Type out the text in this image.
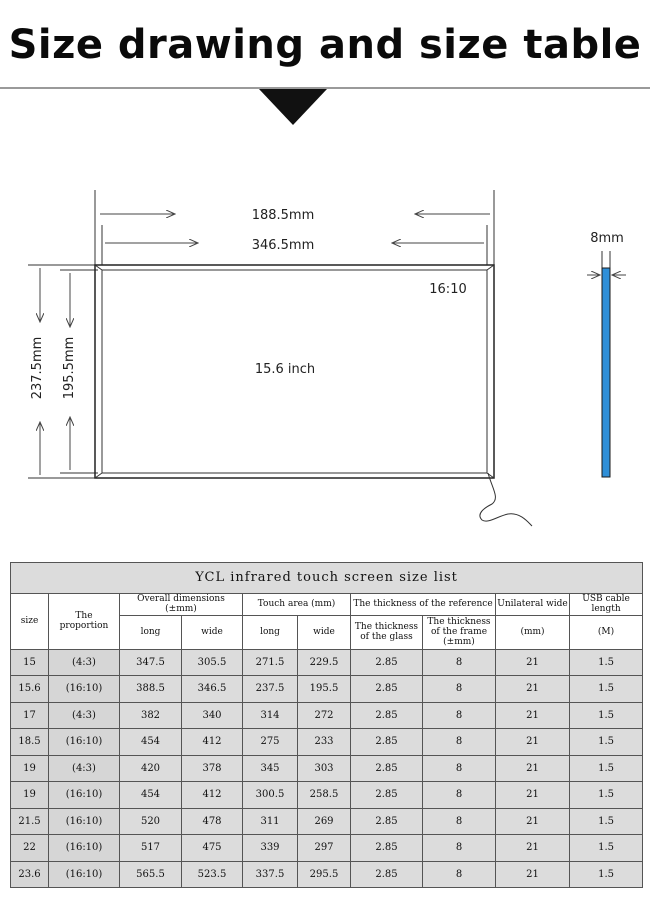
Size drawing and size table
188.5mm
346.5mm
237.5mm 195.5mm
16:10
15.6 inch
8mm
YCL infrared touch screen size list									
size	The proportion	Overall dimensions (±mm)		Touch area (mm)		The thickness of the reference		Unilateral wide	USB cable length
		long	wide	long	wide	The thickness of the glass	The thickness of the frame (±mm)	(mm)	(M)
15	(4:3)	347.5	305.5	271.5	229.5	2.85	8	21	1.5
15.6	(16:10)	388.5	346.5	237.5	195.5	2.85	8	21	1.5
17	(4:3)	382	340	314	272	2.85	8	21	1.5
18.5	(16:10)	454	412	275	233	2.85	8	21	1.5
19	(4:3)	420	378	345	303	2.85	8	21	1.5
19	(16:10)	454	412	300.5	258.5	2.85	8	21	1.5
21.5	(16:10)	520	478	311	269	2.85	8	21	1.5
22	(16:10)	517	475	339	297	2.85	8	21	1.5
23.6	(16:10)	565.5	523.5	337.5	295.5	2.85	8	21	1.5
